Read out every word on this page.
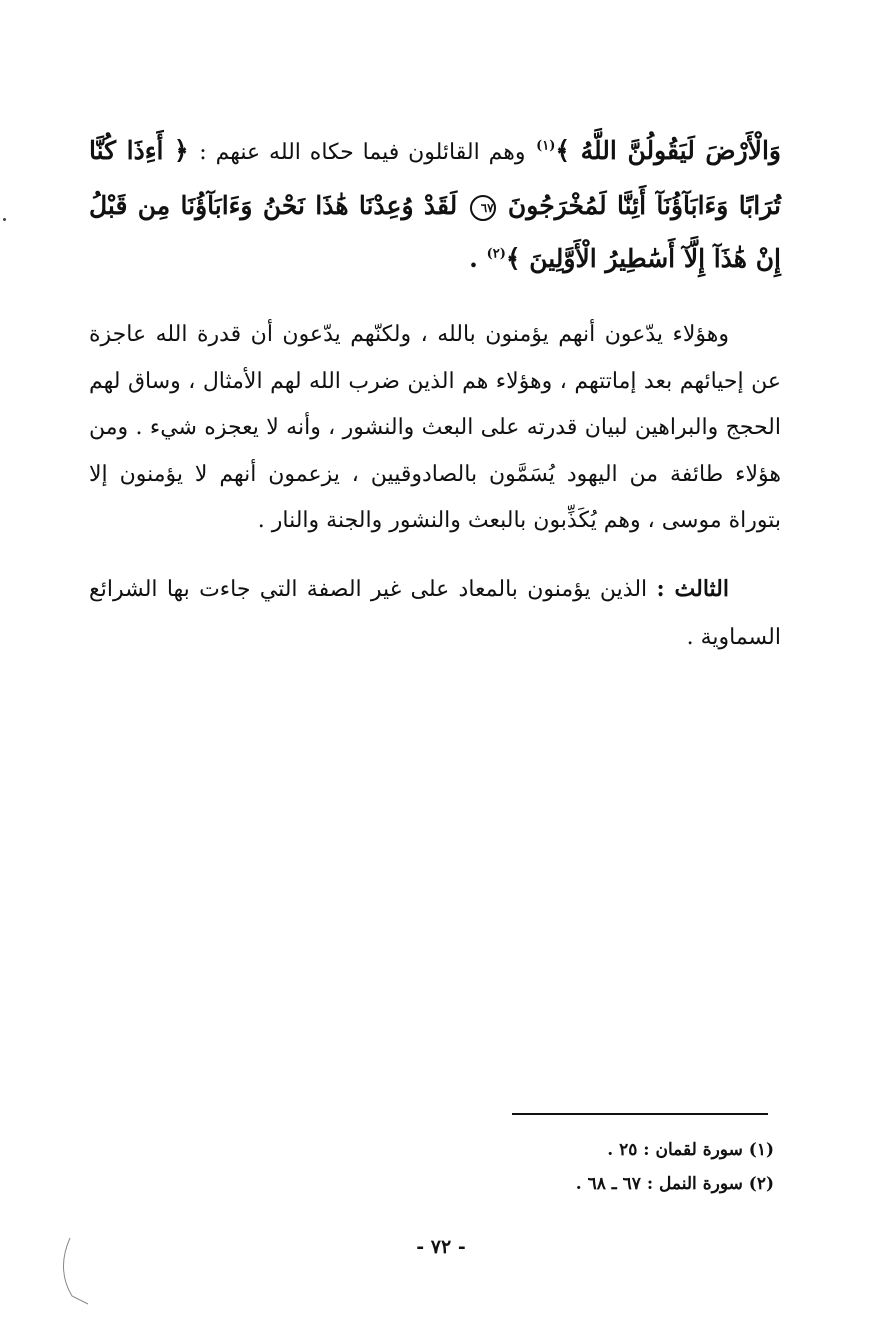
وَالْأَرْضَ لَيَقُولُنَّ اللَّهُ ﴾$^{(١)}$ وهم القائلون فيما حكاه الله عنهم : ﴿ أَءِذَا كُنَّا تُرَابًا وَءَابَآؤُنَآ أَئِنَّا لَمُخْرَجُونَ ٦٧ لَقَدْ وُعِدْنَا هَٰذَا نَحْنُ وَءَابَآؤُنَا مِن قَبْلُ إِنْ هَٰذَآ إِلَّآ أَسَٰطِيرُ الْأَوَّلِينَ ﴾$^{(٢)}$ .

وهؤلاء يدّعون أنهم يؤمنون بالله ، ولكنّهم يدّعون أن قدرة الله عاجزة عن إحيائهم بعد إماتتهم ، وهؤلاء هم الذين ضرب الله لهم الأمثال ، وساق لهم الحجج والبراهين لبيان قدرته على البعث والنشور ، وأنه لا يعجزه شيء . ومن هؤلاء طائفة من اليهود يُسَمَّون بالصادوقيين ، يزعمون أنهم لا يؤمنون إلا بتوراة موسى ، وهم يُكَذِّبون بالبعث والنشور والجنة والنار .

الثالث : الذين يؤمنون بالمعاد على غير الصفة التي جاءت بها الشرائع السماوية .

(١) سورة لقمان : ٢٥ .
(٢) سورة النمل : ٦٧ ـ ٦٨ .
- ٧٢ -
